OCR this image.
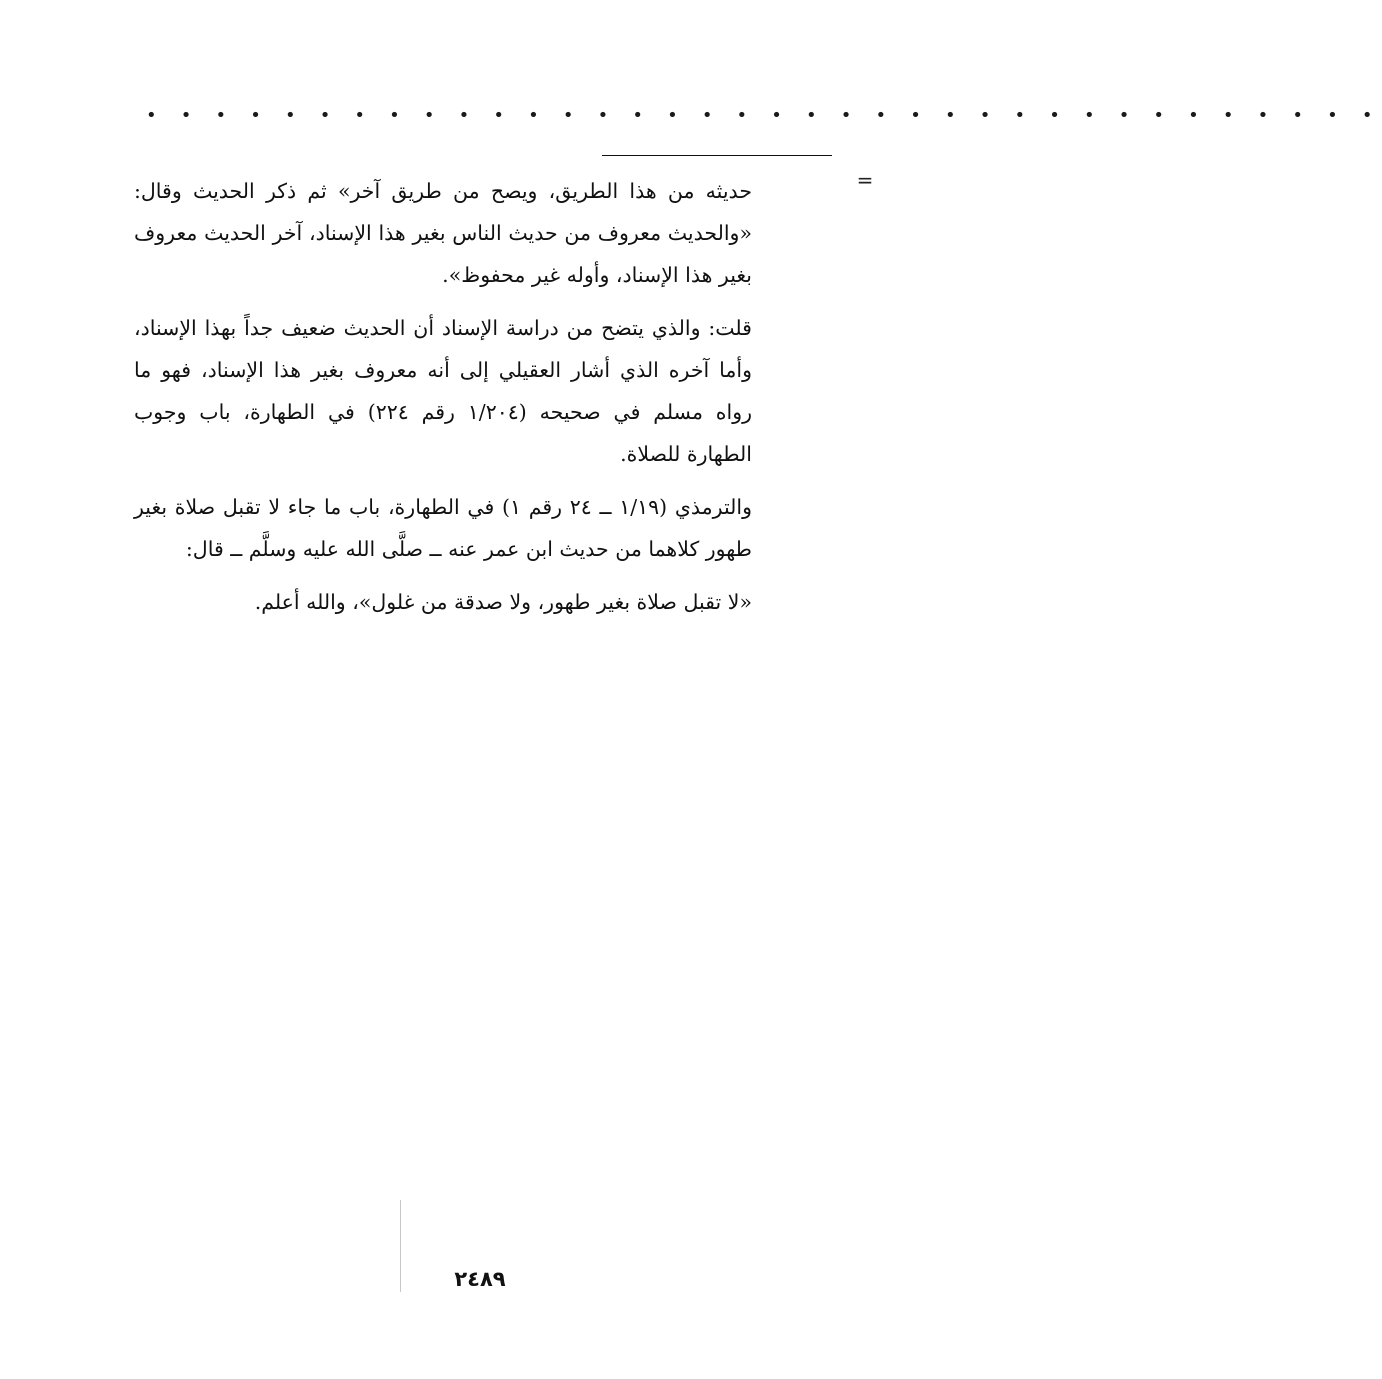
• • • • • • • • • • • • • • • • • • • • • • • • • • • • • • • • • • • •
=

حديثه من هذا الطريق، ويصح من طريق آخر» ثم ذكر الحديث وقال: «والحديث معروف من حديث الناس بغير هذا الإسناد، آخر الحديث معروف بغير هذا الإسناد، وأوله غير محفوظ».

قلت: والذي يتضح من دراسة الإسناد أن الحديث ضعيف جداً بهذا الإسناد، وأما آخره الذي أشار العقيلي إلى أنه معروف بغير هذا الإسناد، فهو ما رواه مسلم في صحيحه (١/٢٠٤ رقم ٢٢٤) في الطهارة، باب وجوب الطهارة للصلاة.

والترمذي (١/١٩ ــ ٢٤ رقم ١) في الطهارة، باب ما جاء لا تقبل صلاة بغير طهور كلاهما من حديث ابن عمر عنه ــ صلَّى الله عليه وسلَّم ــ قال:

«لا تقبل صلاة بغير طهور، ولا صدقة من غلول»، والله أعلم.

٢٤٨٩
